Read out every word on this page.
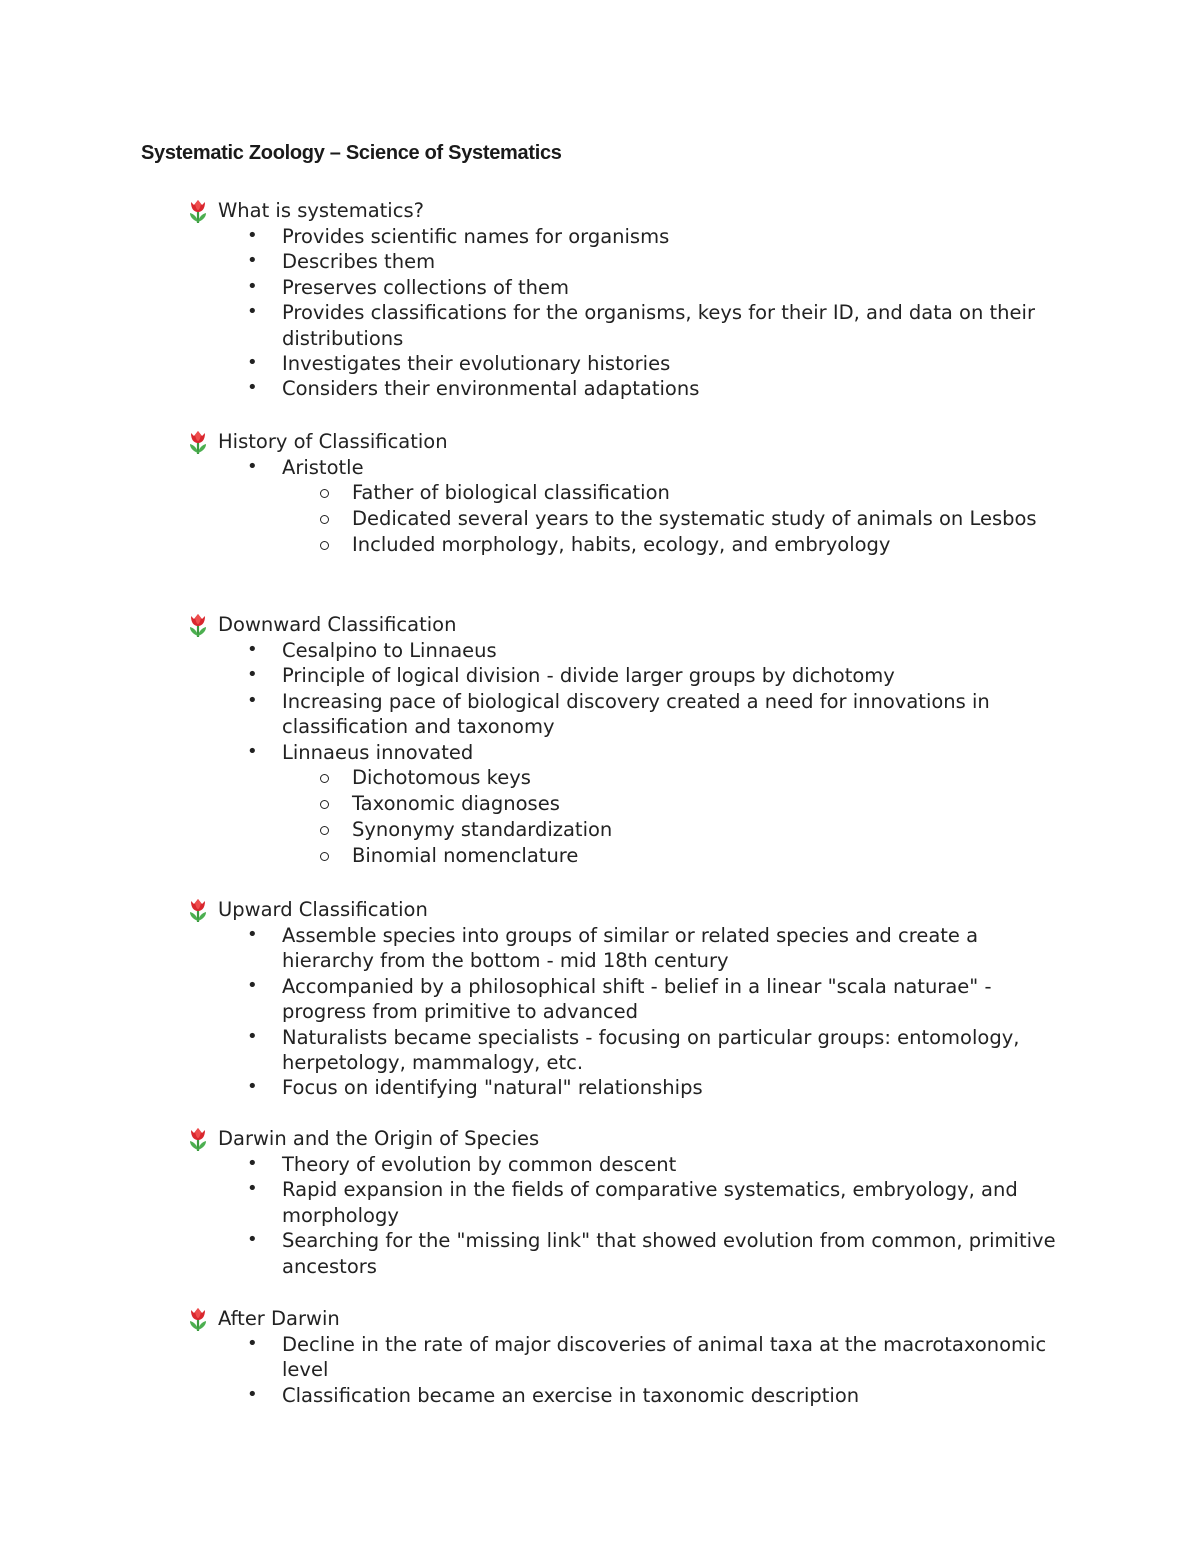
Systematic Zoology – Science of Systematics
What is systematics?
• Provides scientific names for organisms
• Describes them
• Preserves collections of them
• Provides classifications for the organisms, keys for their ID, and data on their distributions
• Investigates their evolutionary histories
• Considers their environmental adaptations
History of Classification
• Aristotle
Father of biological classification
Dedicated several years to the systematic study of animals on Lesbos
Included morphology, habits, ecology, and embryology
Downward Classification
• Cesalpino to Linnaeus
• Principle of logical division - divide larger groups by dichotomy
• Increasing pace of biological discovery created a need for innovations in classification and taxonomy
• Linnaeus innovated
Dichotomous keys
Taxonomic diagnoses
Synonymy standardization
Binomial nomenclature
Upward Classification
• Assemble species into groups of similar or related species and create a hierarchy from the bottom - mid 18th century
• Accompanied by a philosophical shift - belief in a linear "scala naturae" - progress from primitive to advanced
• Naturalists became specialists - focusing on particular groups: entomology, herpetology, mammalogy, etc.
• Focus on identifying "natural" relationships
Darwin and the Origin of Species
• Theory of evolution by common descent
• Rapid expansion in the fields of comparative systematics, embryology, and morphology
• Searching for the "missing link" that showed evolution from common, primitive ancestors
After Darwin
• Decline in the rate of major discoveries of animal taxa at the macrotaxonomic level
• Classification became an exercise in taxonomic description
